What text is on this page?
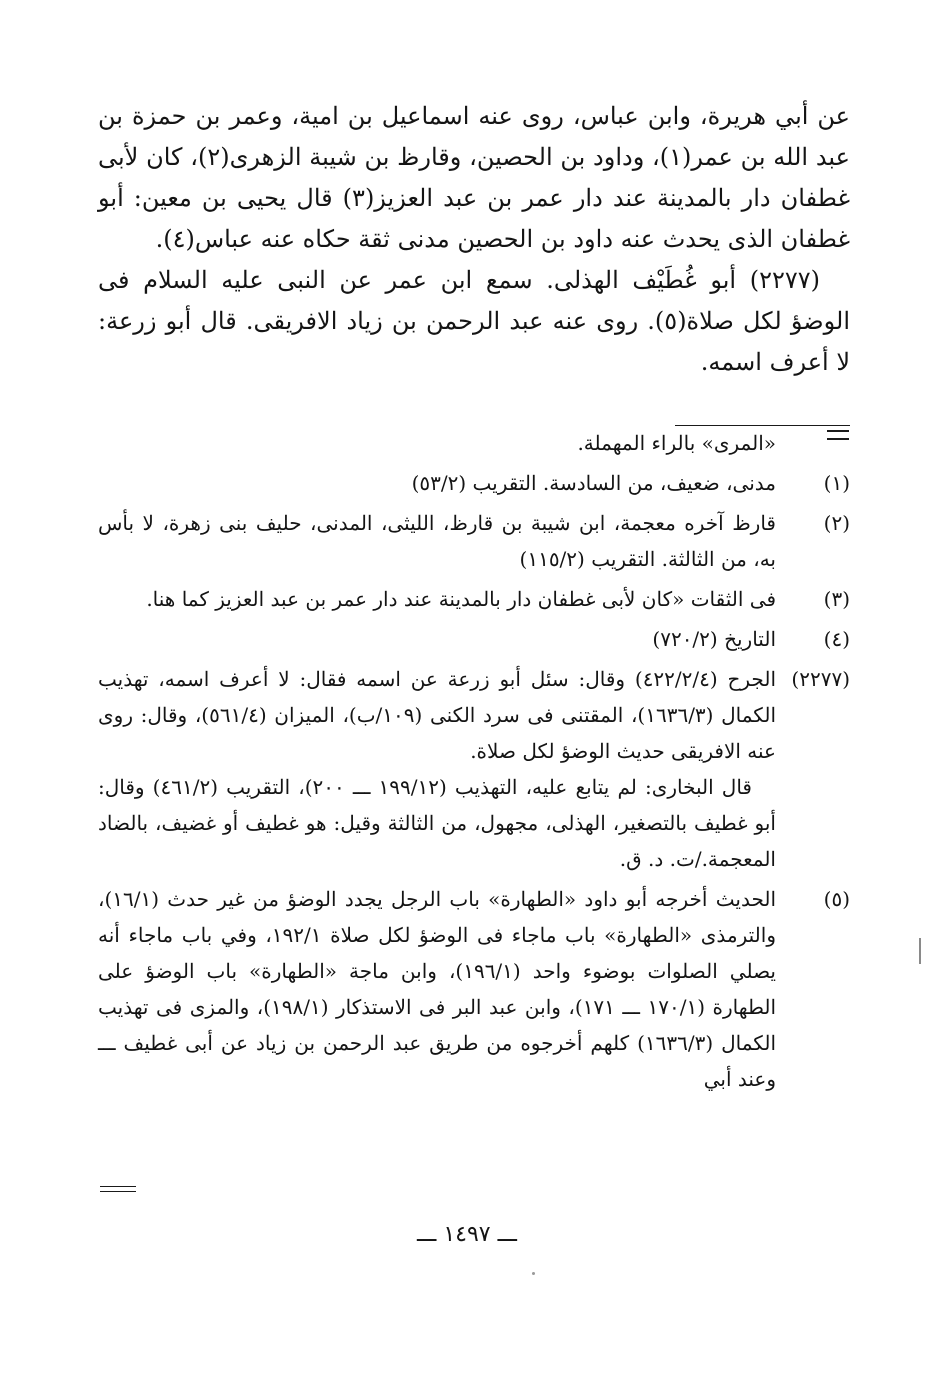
عن أبي هريرة، وابن عباس، روى عنه اسماعيل بن امية، وعمر بن حمزة بن عبد الله بن عمر(١)، وداود بن الحصين، وقارظ بن شيبة الزهرى(٢)، كان لأبى غطفان دار بالمدينة عند دار عمر بن عبد العزيز(٣) قال يحيى بن معين: أبو غطفان الذى يحدث عنه داود بن الحصين مدنى ثقة حكاه عنه عباس(٤).

(٢٢٧٧) أبو غُطَيْف الهذلى. سمع ابن عمر عن النبى عليه السلام فى الوضؤ لكل صلاة(٥). روى عنه عبد الرحمن بن زياد الافريقى. قال أبو زرعة: لا أعرف اسمه.

«المرى» بالراء المهملة.
(١)

مدنى، ضعيف، من السادسة. التقريب (٥٣/٢)

(٢)

قارظ آخره معجمة، ابن شيبة بن قارظ، الليثى، المدنى، حليف بنى زهرة، لا بأس به، من الثالثة. التقريب (١١٥/٢)

(٣)

فى الثقات «كان لأبى غطفان دار بالمدينة عند دار عمر بن عبد العزيز كما هنا.

(٤)

التاريخ (٧٢٠/٢)

(٢٢٧٧)

الجرح (٤٢٢/٢/٤) وقال: سئل أبو زرعة عن اسمه فقال: لا أعرف اسمه، تهذيب الكمال (١٦٣٦/٣)، المقتنى فى سرد الكنى (١٠٩/ب)، الميزان (٥٦١/٤)، وقال: روى عنه الافريقى حديث الوضؤ لكل صلاة.

قال البخارى: لم يتابع عليه، التهذيب (١٩٩/١٢ ـــ ٢٠٠)، التقريب (٤٦١/٢) وقال: أبو غطيف بالتصغير، الهذلى، مجهول، من الثالثة وقيل: هو غطيف أو غضيف، بالضاد المعجمة./ت. د. ق.

(٥)

الحديث أخرجه أبو داود «الطهارة» باب الرجل يجدد الوضؤ من غير حدث (١٦/١)، والترمذى «الطهارة» باب ماجاء فى الوضؤ لكل صلاة ١٩٢/١، وفي باب ماجاء أنه يصلي الصلوات بوضوء واحد (١٩٦/١)، وابن ماجة «الطهارة» باب الوضؤ على الطهارة (١٧٠/١ ـــ ١٧١)، وابن عبد البر فى الاستذكار (١٩٨/١)، والمزى فى تهذيب الكمال (١٦٣٦/٣) كلهم أخرجوه من طريق عبد الرحمن بن زياد عن أبى غطيف ـــ وعند أبي

ـــ ١٤٩٧ ـــ
